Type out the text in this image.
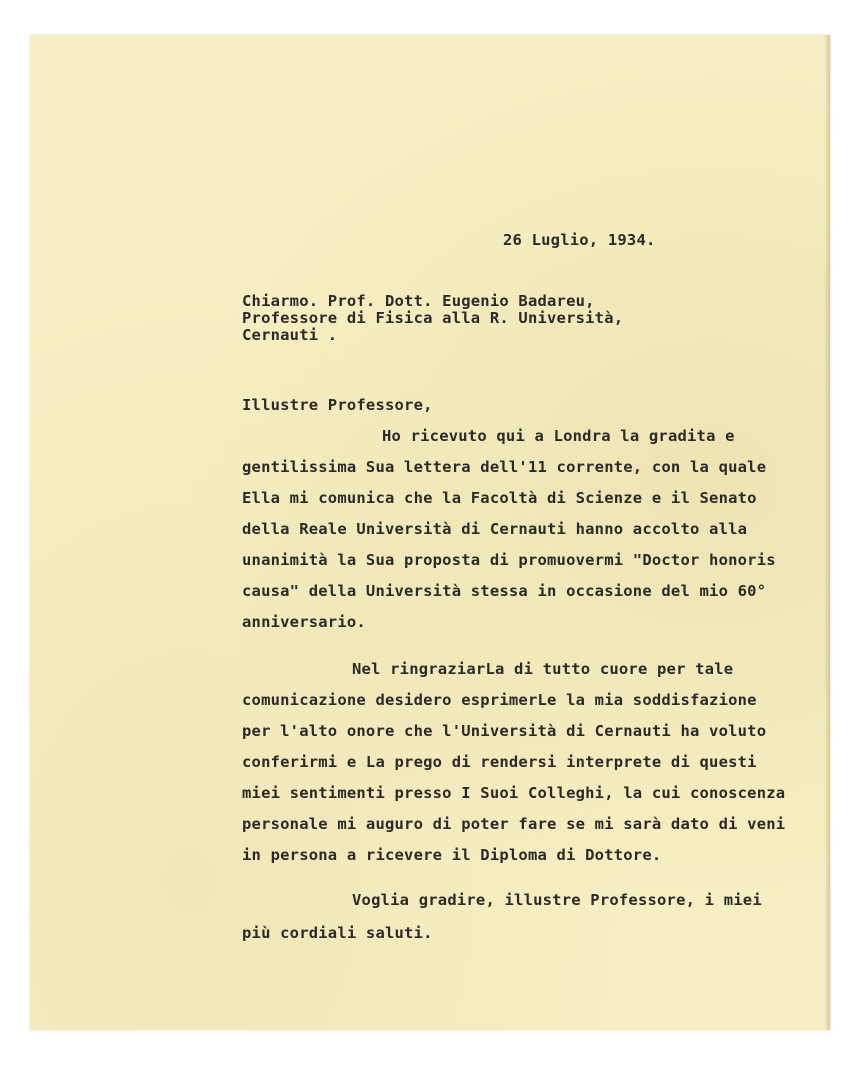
26 Luglio, 1934.
Chiarmo. Prof. Dott. Eugenio Badareu,
Professore di Fisica alla R. Università,
Cernauti .
Illustre Professore,
Ho ricevuto qui a Londra la gradita e
gentilissima Sua lettera dell'11 corrente, con la quale
Ella mi comunica che la Facoltà di Scienze e il Senato
della Reale Università di Cernauti hanno accolto alla
unanimità la Sua proposta di promuovermi "Doctor honoris
causa" della Università stessa in occasione del mio 60°
anniversario.
Nel ringraziarLa di tutto cuore per tale
comunicazione desidero esprimerLe la mia soddisfazione
per l'alto onore che l'Università di Cernauti ha voluto
conferirmi e La prego di rendersi interprete di questi
miei sentimenti presso I Suoi Colleghi, la cui conoscenza
personale mi auguro di poter fare se mi sarà dato di veni
in persona a ricevere il Diploma di Dottore.
Voglia gradire, illustre Professore, i miei
più cordiali saluti.
